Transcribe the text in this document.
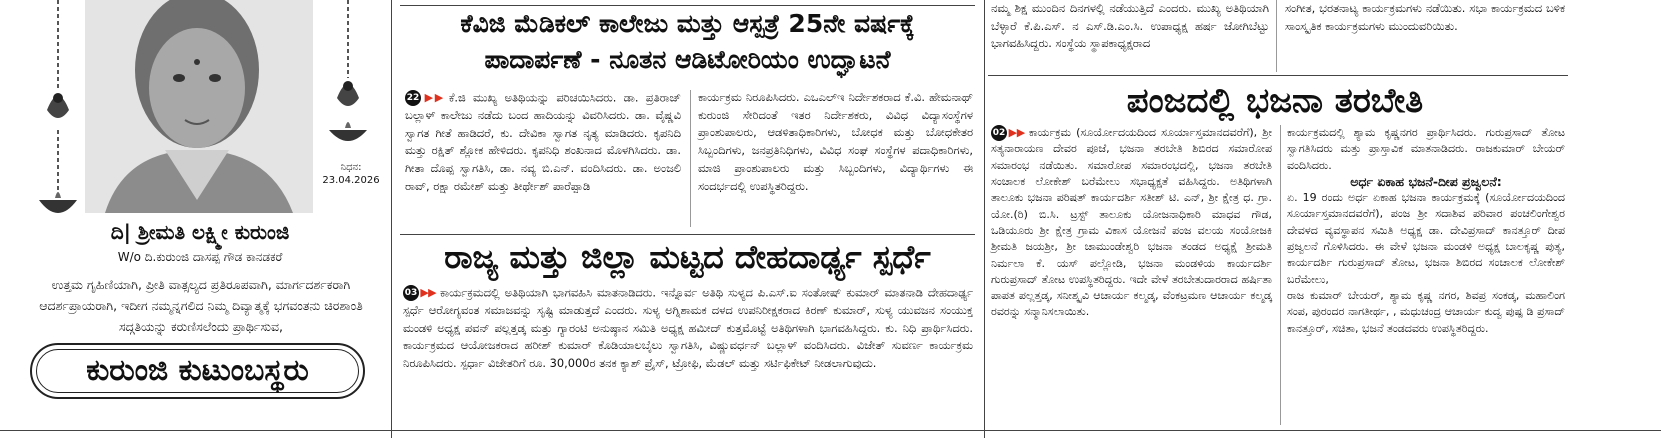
ನಿಧನ:
23.04.2026
ದಿ| ಶ್ರೀಮತಿ ಲಕ್ಷ್ಮೀ ಕುರುಂಜಿ
W/o ದಿ.ಕುರುಂಜಿ ದಾಸಪ್ಪ ಗೌಡ ಕಾನಡಕರೆ
ಉತ್ತಮ ಗೃಹಿಣಿಯಾಗಿ, ಪ್ರೀತಿ ವಾತ್ಸಲ್ಯದ ಪ್ರತಿರೂಪವಾಗಿ, ಮಾರ್ಗದರ್ಶಕರಾಗಿ ಆದರ್ಶಪ್ರಾಯರಾಗಿ, ಇದೀಗ ನಮ್ಮನ್ನಗಲಿದ ನಿಮ್ಮ ದಿವ್ಯಾತ್ಮಕ್ಕೆ ಭಗವಂತನು ಚಿರಶಾಂತಿ ಸದ್ಗತಿಯನ್ನು ಕರುಣಿಸಲೆಂದು ಪ್ರಾರ್ಥಿಸುವ,
ಕುರುಂಜಿ ಕುಟುಂಬಸ್ಥರು
ಕೆವಿಜಿ ಮೆಡಿಕಲ್ ಕಾಲೇಜು ಮತ್ತು ಆಸ್ಪತ್ರೆ 25ನೇ ವರ್ಷಕ್ಕೆ
ಪಾದಾರ್ಪಣೆ - ನೂತನ ಆಡಿಟೋರಿಯಂ ಉದ್ಘಾಟನೆ

22 ▶▶ ಕೆ.ಜಿ ಮುಖ್ಯ ಅತಿಥಿಯನ್ನು ಪರಿಚಯಿಸಿದರು. ಡಾ. ಪ್ರತಿರಾಜ್ ಬಲ್ಲಾಳ್ ಕಾಲೇಜು ನಡೆದು ಬಂದ ಹಾದಿಯನ್ನು ವಿವರಿಸಿದರು. ಡಾ. ವೈಷ್ಣವಿ ಸ್ವಾಗತ ಗೀತೆ ಹಾಡಿದರೆ, ಕು. ದೇವಿಕಾ ಸ್ವಾಗತ ನೃತ್ಯ ಮಾಡಿದರು. ಕೃಪನಿದಿ ಮತ್ತು ರಕ್ಷಿತ್ ಶ್ಲೋಕ ಹೇಳಿದರು. ಕೃಪನಿಧಿ ಶಂಖನಾದ ಮೊಳಗಿಸಿದರು. ಡಾ. ಗೀತಾ ದೊಪ್ಪ ಸ್ವಾಗತಿಸಿ, ಡಾ. ನವ್ಯ ಬಿ.ಎನ್. ವಂದಿಸಿದರು. ಡಾ. ಅಂಜಲಿ ರಾವ್, ರಕ್ಷಾ ರಮೇಶ್ ಮತ್ತು ತೀರ್ಥೇಶ್ ಪಾರೆಪ್ಪಾಡಿ

ಕಾರ್ಯಕ್ರಮ ನಿರೂಪಿಸಿದರು. ಎಒಎಲ್‌ಇ ನಿರ್ದೇಶಕರಾದ ಕೆ.ವಿ. ಹೇಮನಾಥ್ ಕುರುಂಜಿ ಸೇರಿದಂತೆ ಇತರ ನಿರ್ದೇಶಕರು, ವಿವಿಧ ವಿದ್ಯಾಸಂಸ್ಥೆಗಳ ಪ್ರಾಂಶುಪಾಲರು, ಆಡಳಿತಾಧಿಕಾರಿಗಳು, ಬೋಧಕ ಮತ್ತು ಬೋಧಕೇತರ ಸಿಬ್ಬಂದಿಗಳು, ಜನಪ್ರತಿನಿಧಿಗಳು, ವಿವಿಧ ಸಂಘ ಸಂಸ್ಥೆಗಳ ಪದಾಧಿಕಾರಿಗಳು, ಮಾಜಿ ಪ್ರಾಂಶುಪಾಲರು ಮತ್ತು ಸಿಬ್ಬಂದಿಗಳು, ವಿದ್ಯಾರ್ಥಿಗಳು ಈ ಸಂದರ್ಭದಲ್ಲಿ ಉಪಸ್ಥಿತರಿದ್ದರು.

ರಾಜ್ಯ ಮತ್ತು ಜಿಲ್ಲಾ ಮಟ್ಟದ ದೇಹದಾರ್ಢ್ಯ ಸ್ಪರ್ಧೆ

03 ▶▶ ಕಾರ್ಯಕ್ರಮದಲ್ಲಿ ಅತಿಥಿಯಾಗಿ ಭಾಗವಹಿಸಿ ಮಾತನಾಡಿದರು. ಇನ್ನೊರ್ವ ಅತಿಥಿ ಸುಳ್ಯದ ಪಿ.ಎಸ್.ಐ ಸಂತೋಷ್ ಕುಮಾರ್ ಮಾತನಾಡಿ ದೇಹದಾರ್ಢ್ಯ ಸ್ಪರ್ಧೆ ಆರೋಗ್ಯವಂತ ಸಮಾಜವನ್ನು ಸೃಷ್ಟಿ ಮಾಡುತ್ತದೆ ಎಂದರು. ಸುಳ್ಯ ಅಗ್ನಿಶಾಮಕ ದಳದ ಉಪನಿರೀಕ್ಷಕರಾದ ಕಿರಣ್ ಕುಮಾರ್, ಸುಳ್ಯ ಯುವಜನ ಸಂಯುಕ್ತ ಮಂಡಳಿ ಅಧ್ಯಕ್ಷ ಪವನ್ ಪಲ್ಲತ್ತಡ್ಕ ಮತ್ತು ಗ್ಯಾರಂಟಿ ಅನುಷ್ಠಾನ ಸಮಿತಿ ಅಧ್ಯಕ್ಷ ಹಮೀದ್ ಕುತ್ತಮೊಟ್ಟೆ ಅತಿಥಿಗಳಾಗಿ ಭಾಗವಹಿಸಿದ್ದರು. ಕು. ನಿಧಿ ಪ್ರಾರ್ಥಿಸಿದರು. ಕಾರ್ಯಕ್ರಮದ ಆಯೋಜಕರಾದ ಹರೀಶ್ ಕುಮಾರ್ ಕೊಡಿಯಾಲಬೈಲು ಸ್ವಾಗತಿಸಿ, ವಿಷ್ಣುವರ್ಧನ್ ಬಲ್ಲಾಳ್ ವಂದಿಸಿದರು. ವಿಜೇತ್ ಸುವರ್ಣ ಕಾರ್ಯಕ್ರಮ ನಿರೂಪಿಸಿದರು. ಸ್ಪರ್ಧಾ ವಿಜೇತರಿಗೆ ರೂ. 30,000ರ ತನಕ ಕ್ಯಾಶ್ ಪ್ರೈಸ್, ಟ್ರೋಫಿ, ಮೆಡಲ್ ಮತ್ತು ಸರ್ಟಿಫಿಕೇಟ್ ನೀಡಲಾಗುವುದು.

ನಮ್ಮ ಶಿಕ್ಷ ಮುಂದಿನ ದಿನಗಳಲ್ಲಿ ನಡೆಯುತ್ತಿದೆ ಎಂದರು. ಮುಖ್ಯ ಅತಿಥಿಯಾಗಿ ಬೆಳ್ಳಾರೆ ಕೆ.ಪಿ.ಎಸ್. ನ ಎಸ್.ಡಿ.ಎಂ.ಸಿ. ಉಪಾಧ್ಯಕ್ಷ ಹರ್ಷ ಜೋಗಿಬೆಟ್ಟು ಭಾಗವಹಿಸಿದ್ದರು. ಸಂಸ್ಥೆಯ ಸ್ಥಾಪಕಾಧ್ಯಕ್ಷರಾದ

ಸಂಗೀತ, ಭರತನಾಟ್ಯ ಕಾರ್ಯಕ್ರಮಗಳು ನಡೆಯಿತು. ಸಭಾ ಕಾರ್ಯಕ್ರಮದ ಬಳಿಕ ಸಾಂಸ್ಕೃತಿಕ ಕಾರ್ಯಕ್ರಮಗಳು ಮುಂದುವರಿಯಿತು.

ಪಂಜದಲ್ಲಿ ಭಜನಾ ತರಬೇತಿ

02 ▶▶ ಕಾರ್ಯಕ್ರಮ (ಸೂರ್ಯೋದಯದಿಂದ ಸೂರ್ಯಾಸ್ತಮಾನದವರೆಗೆ), ಶ್ರೀ ಸತ್ಯನಾರಾಯಣ ದೇವರ ಪೂಜೆ, ಭಜನಾ ತರಬೇತಿ ಶಿಬಿರದ ಸಮಾರೋಪ ಸಮಾರಂಭ ನಡೆಯಿತು. ಸಮಾರೋಪ ಸಮಾರಂಭದಲ್ಲಿ, ಭಜನಾ ತರಬೇತಿ ಸಂಚಾಲಕ ಲೋಕೇಶ್ ಬರೆಮೇಲು ಸಭಾಧ್ಯಕ್ಷತೆ ವಹಿಸಿದ್ದರು. ಅತಿಥಿಗಳಾಗಿ ತಾಲೂಕು ಭಜನಾ ಪರಿಷತ್ ಕಾರ್ಯದರ್ಶಿ ಸತೀಶ್ ಟಿ. ಎನ್, ಶ್ರೀ ಕ್ಷೇತ್ರ ಧ. ಗ್ರಾ. ಯೋ.(ರಿ) ಬಿ.ಸಿ. ಟ್ರಸ್ಟ್ ತಾಲೂಕು ಯೋಜನಾಧಿಕಾರಿ ಮಾಧವ ಗೌಡ, ಒಡಿಯೂರು ಶ್ರೀ ಕ್ಷೇತ್ರ ಗ್ರಾಮ ವಿಕಾಸ ಯೋಜನೆ ಪಂಜ ವಲಯ ಸಂಯೋಜಕಿ ಶ್ರೀಮತಿ ಜಯಶ್ರೀ, ಶ್ರೀ ಚಾಮುಂಡೇಶ್ವರಿ ಭಜನಾ ತಂಡದ ಅಧ್ಯಕ್ಷೆ ಶ್ರೀಮತಿ ನಿರ್ಮಲಾ ಕೆ. ಯಸ್ ಪಲ್ಲೋಡಿ, ಭಜನಾ ಮಂಡಳಿಯ ಕಾರ್ಯದರ್ಶಿ ಗುರುಪ್ರಸಾದ್ ತೋಟ ಉಪಸ್ಥಿತರಿದ್ದರು. ಇದೇ ವೇಳೆ ತರಬೇತುದಾರರಾದ ಹರ್ಷಿತಾ ಪಾಪತ ಪಲ್ಲತ್ತಡ್ಕ, ಸನೀಶ್ಕೃವಿ ಆಚಾರ್ಯ ಕಲ್ಮಡ್ಕ, ವೆಂಕಟ್ರಮಣ ಆಚಾರ್ಯ ಕಲ್ಮಡ್ಕ ರವರನ್ನು ಸನ್ಮಾನಿಸಲಾಯಿತು.

ಕಾರ್ಯಕ್ರಮದಲ್ಲಿ ಶ್ಯಾಮ ಕೃಷ್ಣನಗರ ಪ್ರಾರ್ಥಿಸಿದರು. ಗುರುಪ್ರಸಾದ್ ತೋಟ ಸ್ವಾಗತಿಸಿದರು ಮತ್ತು ಪ್ರಾಸ್ತಾವಿಕ ಮಾತನಾಡಿದರು. ರಾಜಕುಮಾರ್ ಬೇಯರ್ ವಂದಿಸಿದರು.

ಅರ್ಧ ಏಕಾಹ ಭಜನೆ-ದೀಪ ಪ್ರಜ್ವಲನೆ:

ಏ. 19 ರಂದು ಅರ್ಧ ಏಕಾಹ ಭಜನಾ ಕಾರ್ಯಕ್ರಮಕ್ಕೆ (ಸೂರ್ಯೋದಯದಿಂದ ಸೂರ್ಯಾಸ್ತಮಾನದವರೆಗೆ), ಪಂಜ ಶ್ರೀ ಸದಾಶಿವ ಪರಿವಾರ ಪಂಚಲಿಂಗೇಶ್ವರ ದೇವಳದ ವ್ಯವಸ್ಥಾಪನ ಸಮಿತಿ ಅಧ್ಯಕ್ಷ ಡಾ. ದೇವಿಪ್ರಸಾದ್ ಕಾನತ್ತೂರ್ ದೀಪ ಪ್ರಜ್ವಲನೆ ಗೊಳಿಸಿದರು. ಈ ವೇಳೆ ಭಜನಾ ಮಂಡಳಿ ಅಧ್ಯಕ್ಷ ಬಾಲಕೃಷ್ಣ ಪುತ್ಯ, ಕಾರ್ಯದರ್ಶಿ ಗುರುಪ್ರಸಾದ್ ತೋಟ, ಭಜನಾ ಶಿಬಿರದ ಸಂಚಾಲಕ ಲೋಕೇಶ್ ಬರೆಮೇಲು,

ರಾಜ ಕುಮಾರ್ ಬೇಯರ್, ಶ್ಯಾಮ ಕೃಷ್ಣ ನಗರ, ಶಿವಪ್ರ ಸಂಕಡ್ಕ, ಮಹಾಲಿಂಗ ಸಂಪ, ಪುರಂದರ ನಾಗತೀರ್ಥ, , ಮಧುಚಂದ್ರ ಆಚಾರ್ಯ ಕುದ್ವ ಪುಷ್ಪ ಡಿ ಪ್ರಸಾದ್ ಕಾನತ್ತೂರ್, ಸಚಿತಾ, ಭಜನೆ ತಂಡದವರು ಉಪಸ್ಥಿತರಿದ್ದರು.
